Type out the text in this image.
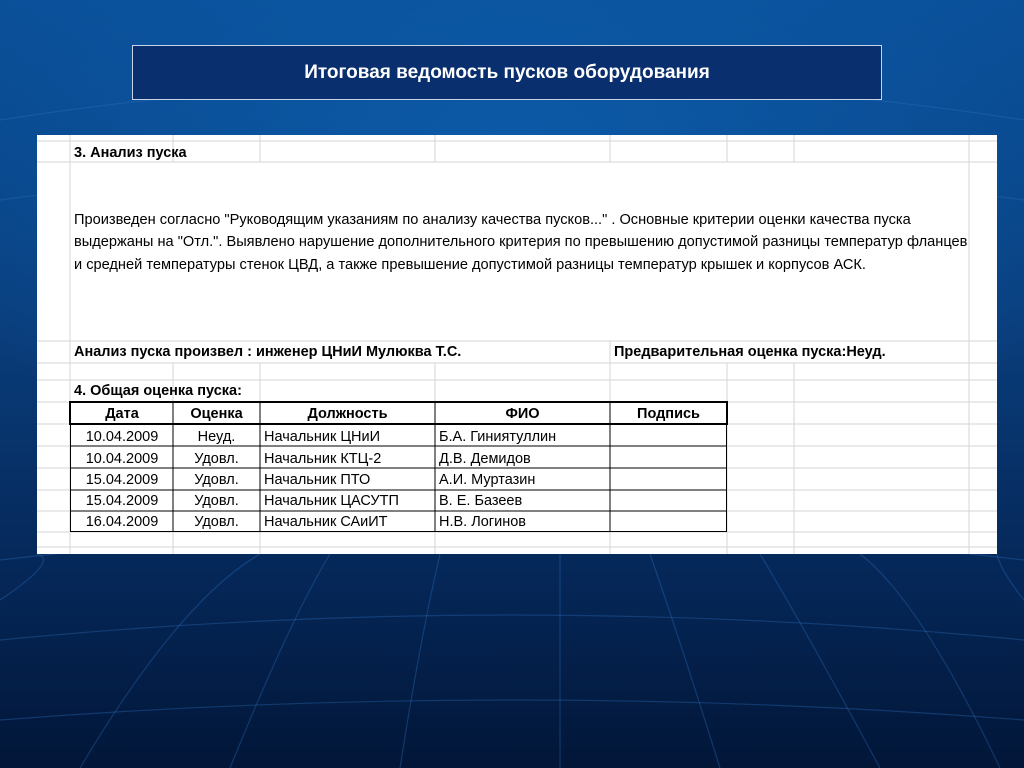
Итоговая ведомость пусков оборудования
3. Анализ пуска
Произведен согласно "Руководящим указаниям по анализу качества пусков..." . Основные критерии оценки качества пуска выдержаны на "Отл.". Выявлено нарушение дополнительного критерия по превышению допустимой разницы температур фланцев и средней температуры стенок ЦВД, а также превышение допустимой разницы температур крышек и корпусов АСК.
Анализ пуска произвел : инженер ЦНиИ Мулюква Т.С.	Предварительная оценка пуска:Неуд.
4. Общая оценка пуска:
Дата	Оценка	Должность	ФИО	Подпись
10.04.2009	Неуд.	Начальник ЦНиИ	Б.А. Гиниятуллин
10.04.2009	Удовл.	Начальник КТЦ-2	Д.В. Демидов
15.04.2009	Удовл.	Начальник ПТО	А.И. Муртазин
15.04.2009	Удовл.	Начальник ЦАСУТП	В. Е. Базеев
16.04.2009	Удовл.	Начальник САиИТ	Н.В. Логинов
